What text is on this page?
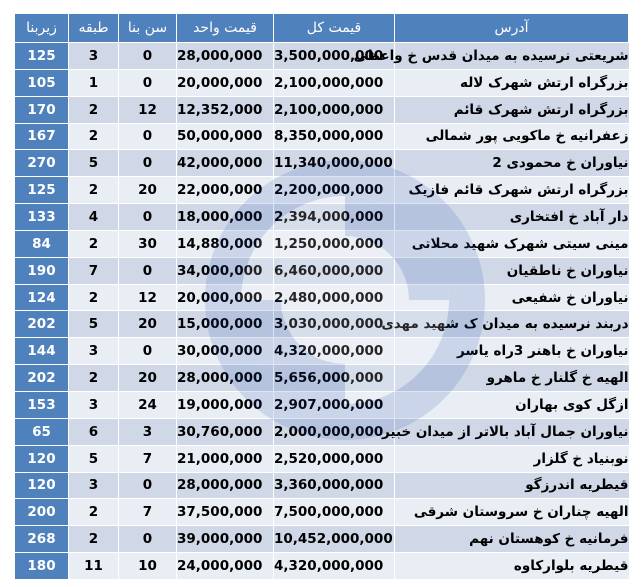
زیربنا	طبقه	سن بنا	قیمت واحد	قیمت کل	آدرس
125	3	0	28,000,000	3,500,000,000	شریعتی نرسیده به میدان قدس خ واعظی
105	1	0	20,000,000	2,100,000,000	بزرگراه ارتش شهرک لاله
170	2	12	12,352,000	2,100,000,000	بزرگراه ارتش شهرک قائم
167	2	0	50,000,000	8,350,000,000	زعفرانیه خ ماکویی پور شمالی
270	5	0	42,000,000	11,340,000,000	نیاوران خ محمودی 2
125	2	20	22,000,000	2,200,000,000	بزرگراه ارتش شهرک قائم فازیک
133	4	0	18,000,000	2,394,000,000	دار آباد خ افتخاری
84	2	30	14,880,000	1,250,000,000	مینی سیتی شهرک شهید محلاتی
190	7	0	34,000,000	6,460,000,000	نیاوران خ ناطقیان
124	2	12	20,000,000	2,480,000,000	نیاوران خ شفیعی
202	5	20	15,000,000	3,030,000,000	دربند نرسیده به میدان ک شهید مهدی
144	3	0	30,000,000	4,320,000,000	نیاوران خ باهنر 3راه یاسر
202	2	20	28,000,000	5,656,000,000	الهیه خ گلنار خ ماهرو
153	3	24	19,000,000	2,907,000,000	ازگل کوی بهاران
65	6	3	30,760,000	2,000,000,000	نیاوران جمال آباد بالاتر از میدان خبیر
120	5	7	21,000,000	2,520,000,000	نوبنیاد خ گلزار
120	3	0	28,000,000	3,360,000,000	قیطریه اندرزگو
200	2	7	37,500,000	7,500,000,000	الهیه چناران خ سروستان شرقی
268	2	0	39,000,000	10,452,000,000	فرمانیه خ کوهستان نهم
180	11	10	24,000,000	4,320,000,000	قیطریه بلوارکاوه
